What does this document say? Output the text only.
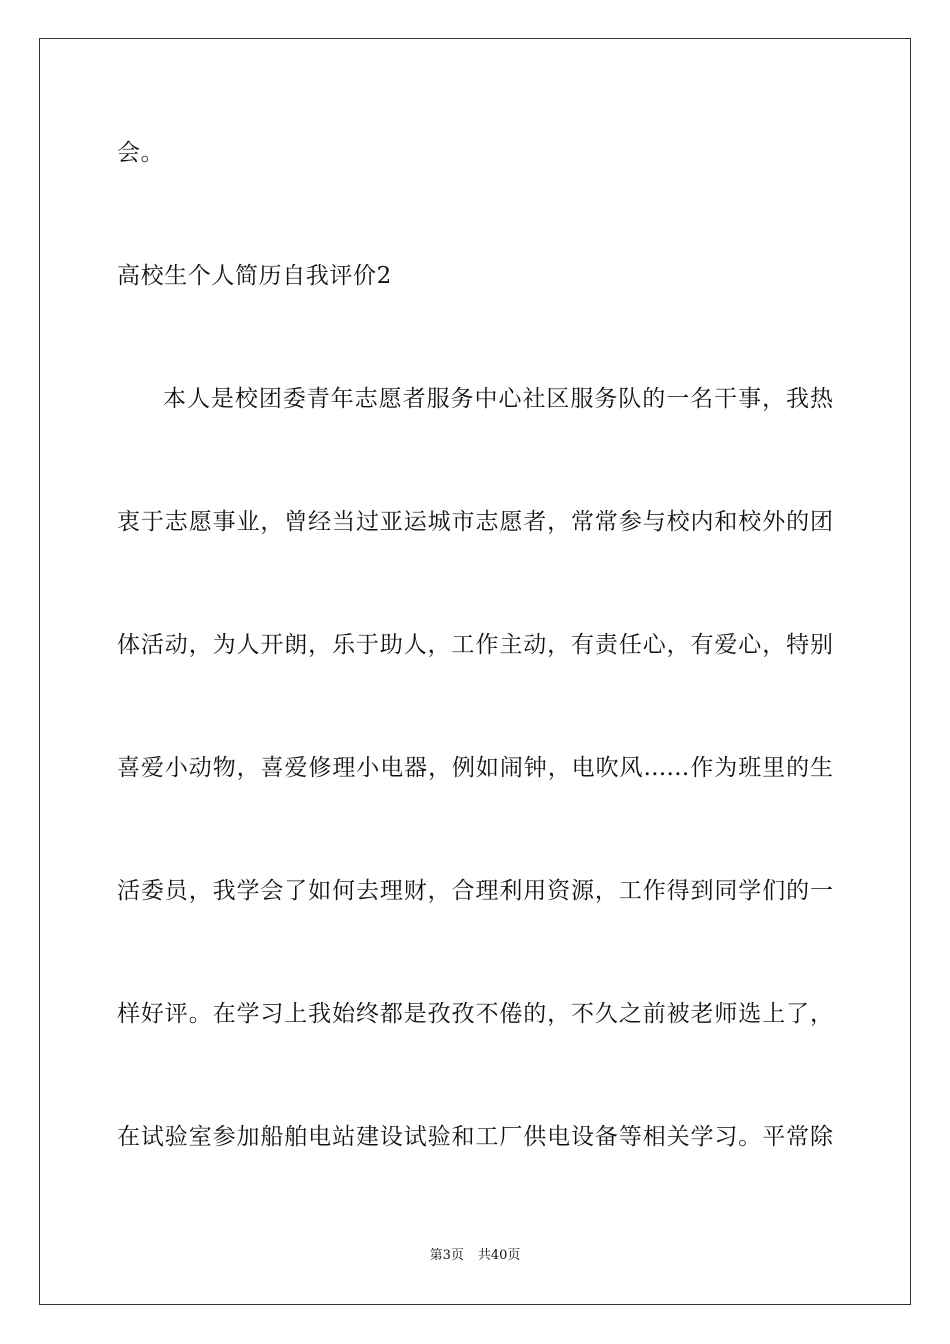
会。
高校生个人简历自我评价2
本人是校团委青年志愿者服务中心社区服务队的一名干事，我热
衷于志愿事业，曾经当过亚运城市志愿者，常常参与校内和校外的团
体活动，为人开朗，乐于助人，工作主动，有责任心，有爱心，特别
喜爱小动物，喜爱修理小电器，例如闹钟，电吹风……作为班里的生
活委员，我学会了如何去理财，合理利用资源，工作得到同学们的一
样好评。在学习上我始终都是孜孜不倦的，不久之前被老师选上了，
在试验室参加船舶电站建设试验和工厂供电设备等相关学习。平常除
第3页 共40页
